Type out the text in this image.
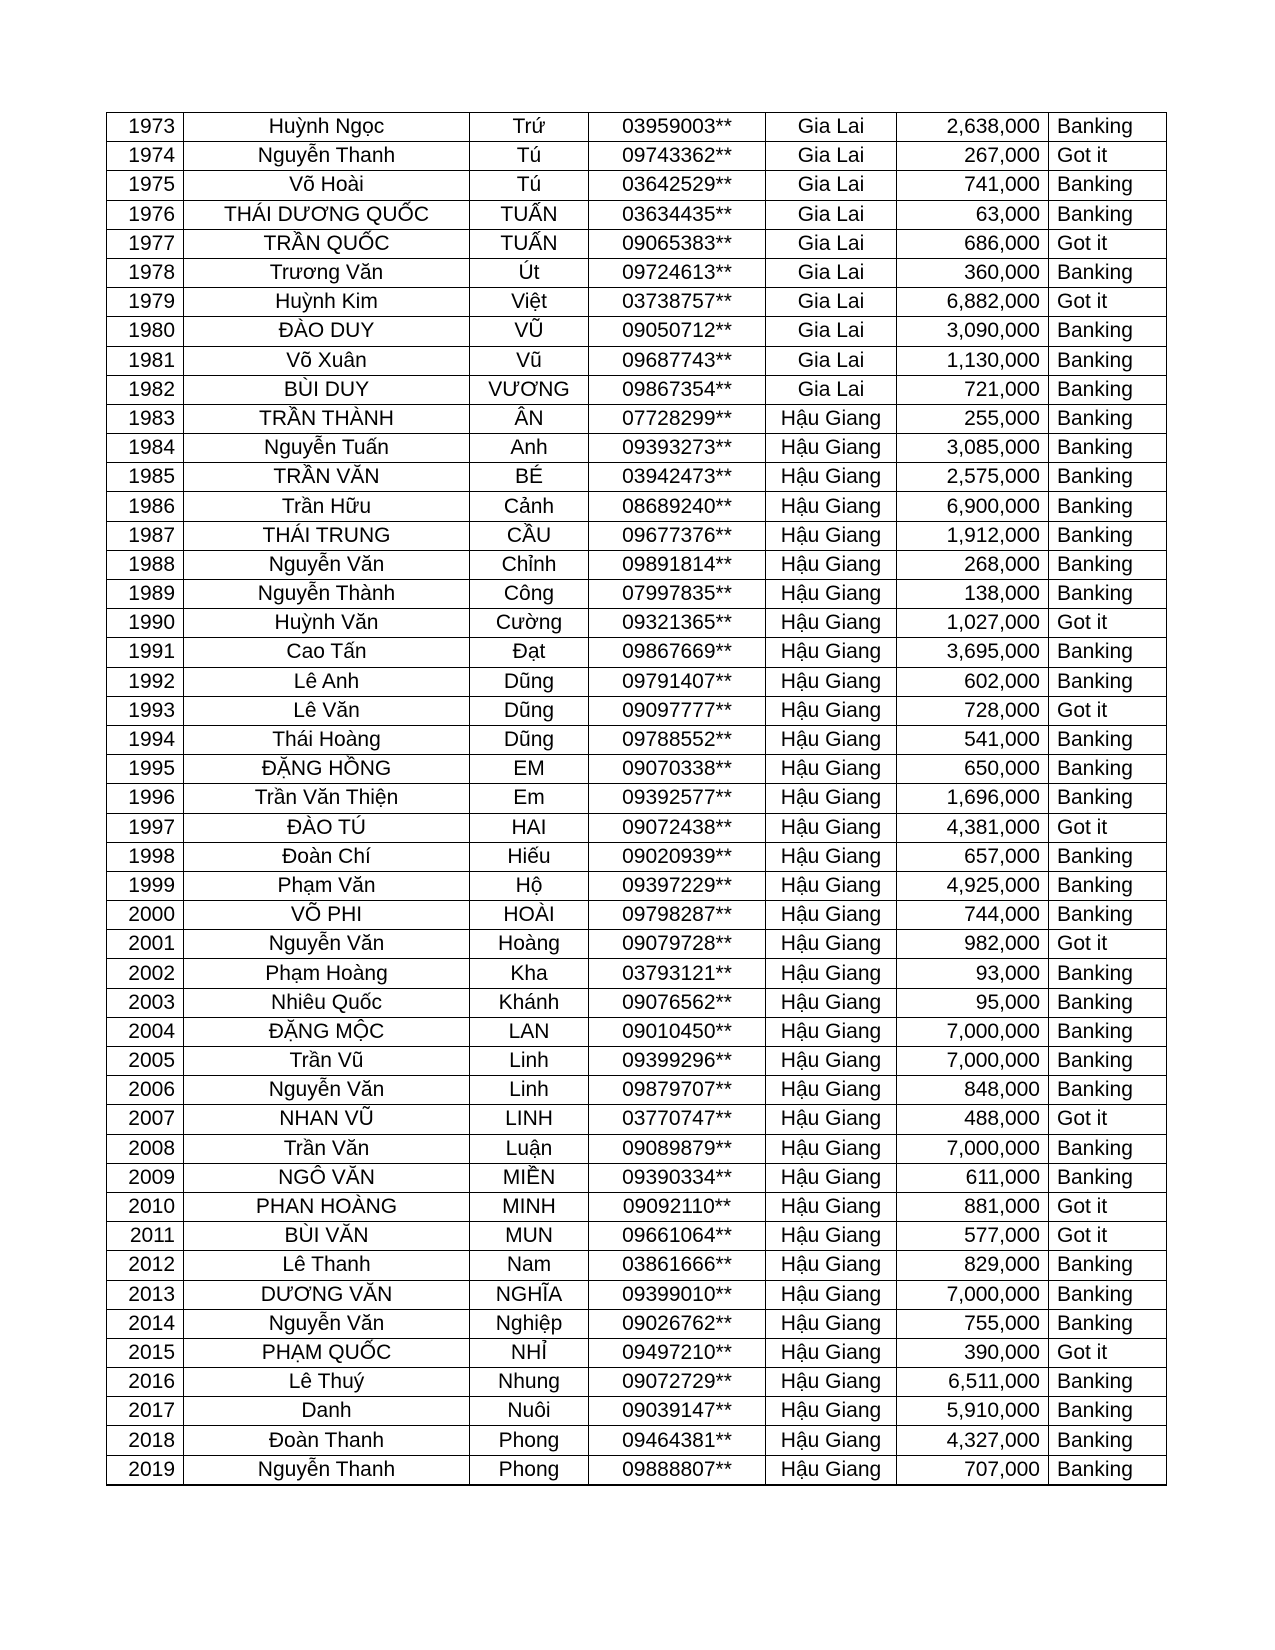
1973	Huỳnh Ngọc	Trứ	03959003**	Gia Lai	2,638,000	Banking
1974	Nguyễn Thanh	Tú	09743362**	Gia Lai	267,000	Got it
1975	Võ Hoài	Tú	03642529**	Gia Lai	741,000	Banking
1976	THÁI DƯƠNG QUỐC	TUẤN	03634435**	Gia Lai	63,000	Banking
1977	TRẦN QUỐC	TUẤN	09065383**	Gia Lai	686,000	Got it
1978	Trương Văn	Út	09724613**	Gia Lai	360,000	Banking
1979	Huỳnh Kim	Việt	03738757**	Gia Lai	6,882,000	Got it
1980	ĐÀO DUY	VŨ	09050712**	Gia Lai	3,090,000	Banking
1981	Võ Xuân	Vũ	09687743**	Gia Lai	1,130,000	Banking
1982	BÙI DUY	VƯƠNG	09867354**	Gia Lai	721,000	Banking
1983	TRẦN THÀNH	ÂN	07728299**	Hậu Giang	255,000	Banking
1984	Nguyễn Tuấn	Anh	09393273**	Hậu Giang	3,085,000	Banking
1985	TRẦN VĂN	BÉ	03942473**	Hậu Giang	2,575,000	Banking
1986	Trần Hữu	Cảnh	08689240**	Hậu Giang	6,900,000	Banking
1987	THÁI TRUNG	CẦU	09677376**	Hậu Giang	1,912,000	Banking
1988	Nguyễn Văn	Chỉnh	09891814**	Hậu Giang	268,000	Banking
1989	Nguyễn Thành	Công	07997835**	Hậu Giang	138,000	Banking
1990	Huỳnh Văn	Cường	09321365**	Hậu Giang	1,027,000	Got it
1991	Cao Tấn	Đạt	09867669**	Hậu Giang	3,695,000	Banking
1992	Lê Anh	Dũng	09791407**	Hậu Giang	602,000	Banking
1993	Lê Văn	Dũng	09097777**	Hậu Giang	728,000	Got it
1994	Thái Hoàng	Dũng	09788552**	Hậu Giang	541,000	Banking
1995	ĐẶNG HỒNG	EM	09070338**	Hậu Giang	650,000	Banking
1996	Trần Văn Thiện	Em	09392577**	Hậu Giang	1,696,000	Banking
1997	ĐÀO TÚ	HAI	09072438**	Hậu Giang	4,381,000	Got it
1998	Đoàn Chí	Hiếu	09020939**	Hậu Giang	657,000	Banking
1999	Phạm Văn	Hộ	09397229**	Hậu Giang	4,925,000	Banking
2000	VÕ PHI	HOÀI	09798287**	Hậu Giang	744,000	Banking
2001	Nguyễn Văn	Hoàng	09079728**	Hậu Giang	982,000	Got it
2002	Phạm Hoàng	Kha	03793121**	Hậu Giang	93,000	Banking
2003	Nhiêu Quốc	Khánh	09076562**	Hậu Giang	95,000	Banking
2004	ĐẶNG MỘC	LAN	09010450**	Hậu Giang	7,000,000	Banking
2005	Trần Vũ	Linh	09399296**	Hậu Giang	7,000,000	Banking
2006	Nguyễn Văn	Linh	09879707**	Hậu Giang	848,000	Banking
2007	NHAN VŨ	LINH	03770747**	Hậu Giang	488,000	Got it
2008	Trần Văn	Luận	09089879**	Hậu Giang	7,000,000	Banking
2009	NGÔ VĂN	MIỀN	09390334**	Hậu Giang	611,000	Banking
2010	PHAN HOÀNG	MINH	09092110**	Hậu Giang	881,000	Got it
2011	BÙI VĂN	MUN	09661064**	Hậu Giang	577,000	Got it
2012	Lê Thanh	Nam	03861666**	Hậu Giang	829,000	Banking
2013	DƯƠNG VĂN	NGHĨA	09399010**	Hậu Giang	7,000,000	Banking
2014	Nguyễn Văn	Nghiệp	09026762**	Hậu Giang	755,000	Banking
2015	PHẠM QUỐC	NHỈ	09497210**	Hậu Giang	390,000	Got it
2016	Lê Thuý	Nhung	09072729**	Hậu Giang	6,511,000	Banking
2017	Danh	Nuôi	09039147**	Hậu Giang	5,910,000	Banking
2018	Đoàn Thanh	Phong	09464381**	Hậu Giang	4,327,000	Banking
2019	Nguyễn Thanh	Phong	09888807**	Hậu Giang	707,000	Banking
